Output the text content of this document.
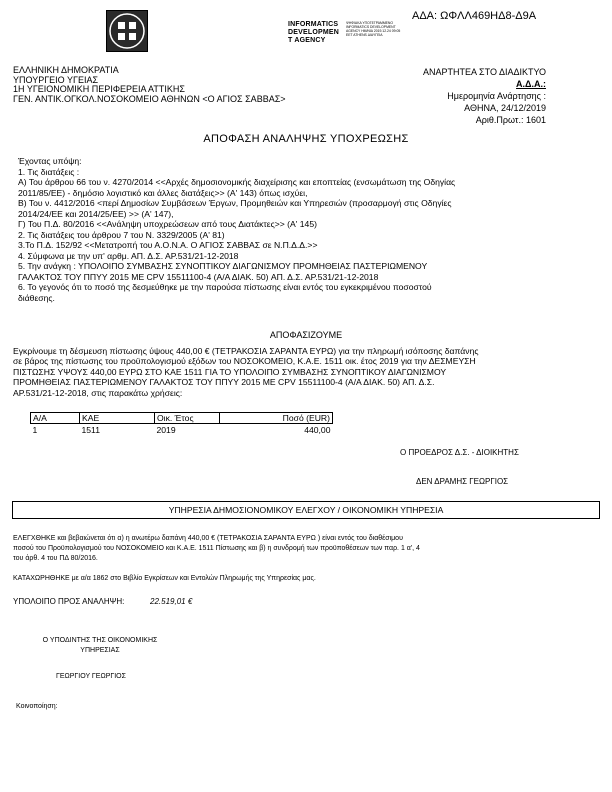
INFORMATICS
DEVELOPMEN
T AGENCY
ΨΗΦΙΑΚΑ ΥΠΟΓΕΓΡΑΜΜΕΝΟ INFORMATICS DEVELOPMENT AGENCY ΗΜ/ΝΙΑ 2019.12.24 09:05 EET ATHENS ΔΙΑΥΓΕΙΑ
ΑΔΑ: ΩΦΛΛ469ΗΔ8-Δ9Α
ΕΛΛΗΝΙΚΗ ΔΗΜΟΚΡΑΤΙΑ
ΥΠΟΥΡΓΕΙΟ ΥΓΕΙΑΣ
1Η ΥΓΕΙΟΝΟΜΙΚΗ ΠΕΡΙΦΕΡΕΙΑ ΑΤΤΙΚΗΣ
ΓΕΝ. ΑΝΤΙΚ.ΟΓΚΟΛ.ΝΟΣΟΚΟΜΕΙΟ ΑΘΗΝΩΝ <Ο ΑΓΙΟΣ ΣΑΒΒΑΣ>
ΑΝΑΡΤΗΤΕΑ ΣΤΟ ΔΙΑΔΙΚΤΥΟ
Α.Δ.Α.:
Ημερομηνία Ανάρτησης :
ΑΘΗΝΑ, 24/12/2019
Αριθ.Πρωτ.: 1601
ΑΠΟΦΑΣΗ ΑΝΑΛΗΨΗΣ ΥΠΟΧΡΕΩΣΗΣ

Έχοντας υπόψη:

1. Τις διατάξεις :

Α) Του άρθρου 66 του ν. 4270/2014 <<Αρχές δημοσιονομικής διαχείρισης και εποπτείας (ενσωμάτωση της Οδηγίας

2011/85/ΕΕ) - δημόσιο λογιστικό και άλλες διατάξεις>> (Α' 143) όπως ισχύει,

Β) Του ν. 4412/2016 <περί Δημοσίων Συμβάσεων Έργων, Προμηθειών και Υπηρεσιών (προσαρμογή στις Οδηγίες

2014/24/ΕΕ και 2014/25/ΕΕ) >> (Α' 147),

Γ) Του Π.Δ. 80/2016 <<Ανάληψη υποχρεώσεων από τους Διατάκτες>> (Α' 145)

2. Τις διατάξεις του άρθρου 7 του Ν. 3329/2005 (Α' 81)

3.Το Π.Δ. 152/92 <<Μετατροπή του Α.Ο.Ν.Α. Ο ΑΓΙΟΣ ΣΑΒΒΑΣ σε Ν.Π.Δ.Δ.>>

4. Σύμφωνα με την υπ' αρθμ. ΑΠ. Δ.Σ. ΑΡ.531/21-12-2018

5. Την ανάγκη : ΥΠΟΛΟΙΠΟ ΣΥΜΒΑΣΗΣ ΣΥΝΟΠΤΙΚΟΥ ΔΙΑΓΩΝΙΣΜΟΥ ΠΡΟΜΗΘΕΙΑΣ ΠΑΣΤΕΡΙΩΜΕΝΟΥ

ΓΑΛΑΚΤΟΣ ΤΟΥ ΠΠΥΥ 2015 ΜΕ CPV 15511100-4 (Α/Α ΔΙΑΚ. 50) ΑΠ. Δ.Σ. ΑΡ.531/21-12-2018

6. Το γεγονός ότι το ποσό της δεσμεύθηκε με την παρούσα πίστωσης είναι εντός του εγκεκριμένου ποσοστού

διάθεσης.

ΑΠΟΦΑΣΙΖΟΥΜΕ
Εγκρίνουμε τη δέσμευση πίστωσης ύψους 440,00 € (ΤΕΤΡΑΚΟΣΙΑ ΣΑΡΑΝΤΑ ΕΥΡΩ) για την πληρωμή ισόποσης δαπάνης
σε βάρος της πίστωσης του προϋπολογισμού εξόδων του ΝΟΣΟΚΟΜΕΙΟ, Κ.Α.Ε. 1511 οικ. έτος 2019 για την ΔΕΣΜΕΥΣΗ
ΠΙΣΤΩΣΗΣ ΥΨΟΥΣ 440,00 ΕΥΡΩ ΣΤΟ ΚΑΕ 1511 ΓΙΑ ΤΟ ΥΠΟΛΟΙΠΟ ΣΥΜΒΑΣΗΣ ΣΥΝΟΠΤΙΚΟΥ ΔΙΑΓΩΝΙΣΜΟΥ
ΠΡΟΜΗΘΕΙΑΣ ΠΑΣΤΕΡΙΩΜΕΝΟΥ ΓΑΛΑΚΤΟΣ ΤΟΥ ΠΠΥΥ 2015 ΜΕ CPV 15511100-4 (Α/Α ΔΙΑΚ. 50) ΑΠ. Δ.Σ.
ΑΡ.531/21-12-2018, στις παρακάτω χρήσεις:
Α/Α	ΚΑΕ	Οικ. Έτος	Ποσό (EUR)
1	1511	2019	440,00
Ο ΠΡΟΕΔΡΟΣ Δ.Σ. - ΔΙΟΙΚΗΤΗΣ
ΔΕΝ ΔΡΑΜΗΣ ΓΕΩΡΓΙΟΣ
ΥΠΗΡΕΣΙΑ ΔΗΜΟΣΙΟΝΟΜΙΚΟΥ ΕΛΕΓΧΟΥ / ΟΙΚΟΝΟΜΙΚΗ ΥΠΗΡΕΣΙΑ
ΕΛΕΓΧΘΗΚΕ και βεβαιώνεται ότι α) η ανωτέρω δαπάνη 440,00 € (ΤΕΤΡΑΚΟΣΙΑ ΣΑΡΑΝΤΑ ΕΥΡΩ ) είναι εντός του διαθέσιμου
ποσού του Προϋπολογισμού του ΝΟΣΟΚΟΜΕΙΟ και Κ.Α.Ε. 1511 Πίστωσης και β) η συνδρομή των προϋποθέσεων των παρ. 1 α', 4
του άρθ. 4 του ΠΔ 80/2016.
ΚΑΤΑΧΩΡΗΘΗΚΕ με α/α 1862 στο Βιβλίο Εγκρίσεων και Εντολών Πληρωμής της Υπηρεσίας μας.
ΥΠΟΛΟΙΠΟ ΠΡΟΣ ΑΝΑΛΗΨΗ:	22.519,01 €
Ο ΥΠΟΔΙΝΤΗΣ ΤΗΣ ΟΙΚΟΝΟΜΙΚΗΣ
ΥΠΗΡΕΣΙΑΣ
ΓΕΩΡΓΙΟΥ ΓΕΩΡΓΙΟΣ
Κοινοποίηση:
